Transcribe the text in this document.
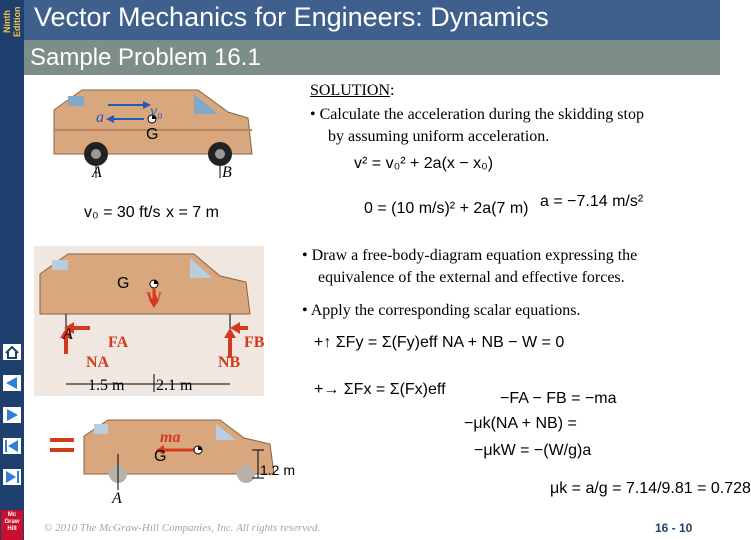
Ninth Edition
Mc Graw Hill
Vector Mechanics for Engineers: Dynamics
Sample Problem 16.1
v₀
a
G
A	B
v₀ = 30 ft/s x = 7 m
G
W
A FA	FB
NA	NB
1.5 m 2.1 m
ma
G
1.2 m
A
SOLUTION:
• Calculate the acceleration during the skidding stop
by assuming uniform acceleration.
v² = v₀² + 2a(x − x₀)
0 = (10 m/s)² + 2a(7 m) a = −7.14 m/s²
• Draw a free-body-diagram equation expressing the
equivalence of the external and effective forces.
• Apply the corresponding scalar equations.
+↑ ΣFy = Σ(Fy)eff NA + NB − W = 0
+→ ΣFx = Σ(Fx)eff
−FA − FB = −ma
−μk(NA + NB) =
−μkW = −(W/g)a
μk = a/g = 7.14/9.81 = 0.728
© 2010 The McGraw-Hill Companies, Inc. All rights reserved.	16 - 10
